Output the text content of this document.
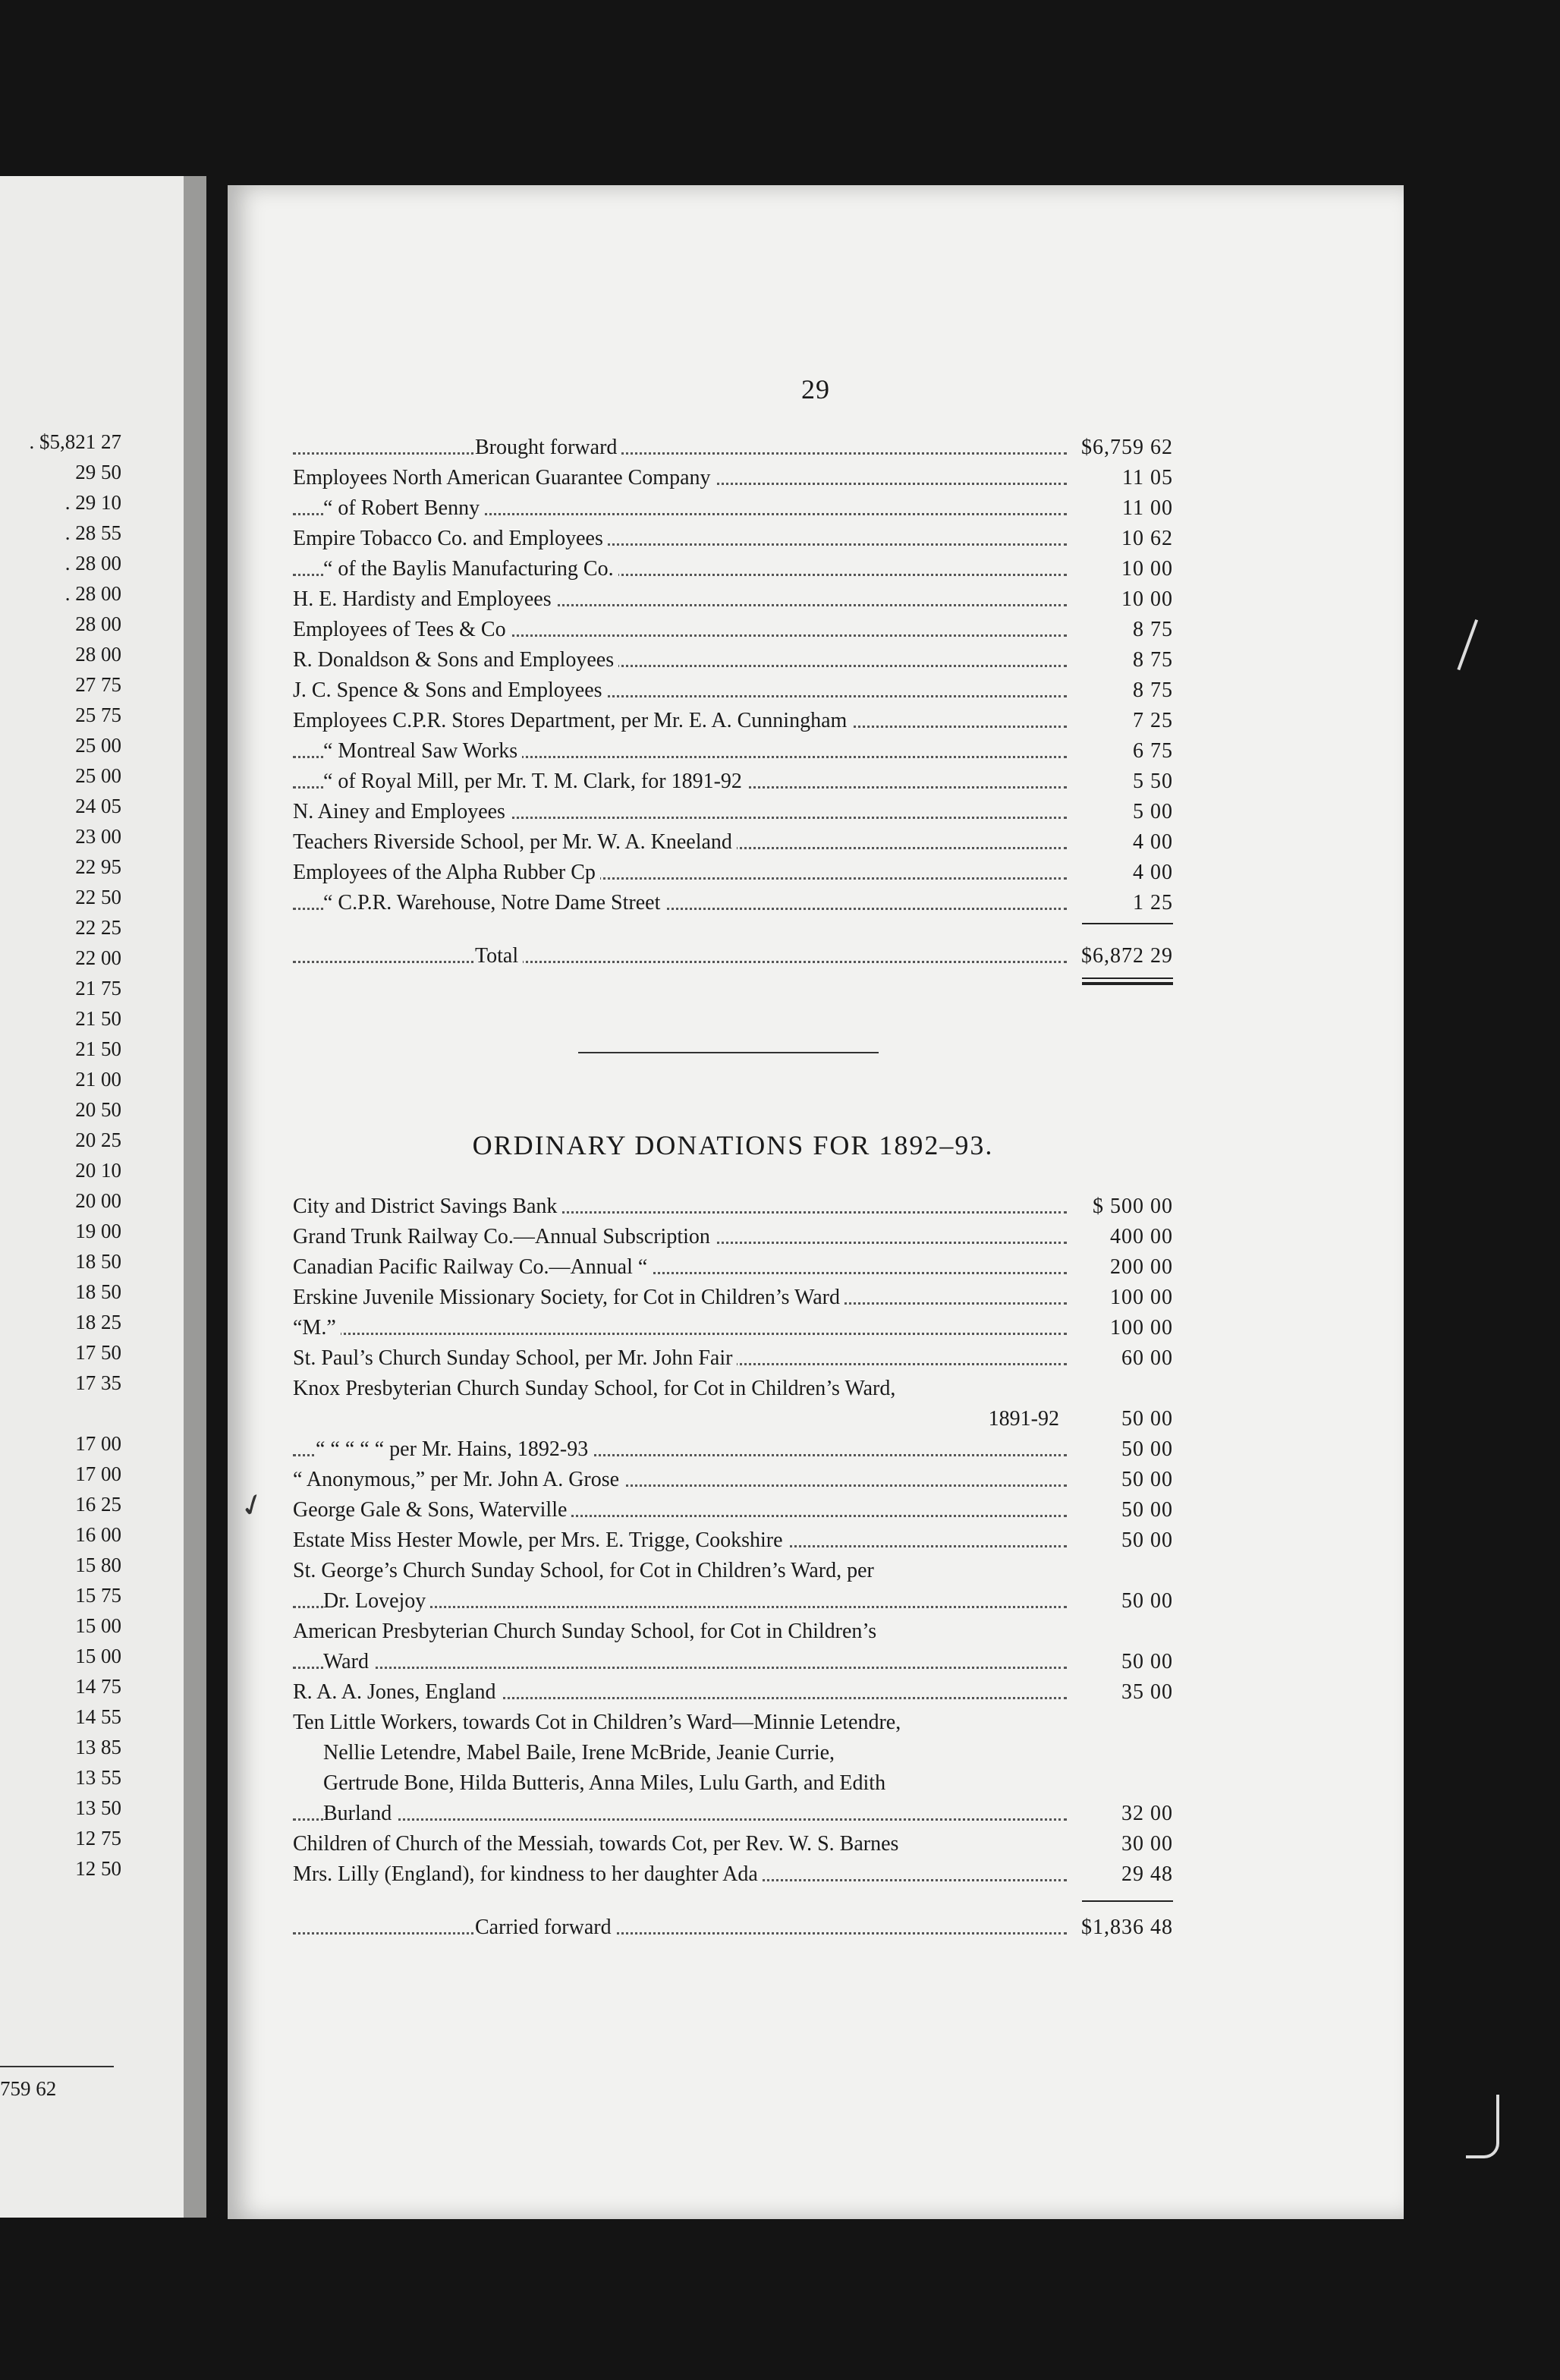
. $5,821 27
29 50
. 29 10
. 28 55
. 28 00
. 28 00
28 00
28 00
27 75
25 75
25 00
25 00
24 05
23 00
22 95
22 50
22 25
22 00
21 75
21 50
21 50
21 00
20 50
20 25
20 10
20 00
19 00
18 50
18 50
18 25
17 50
17 35
17 00
17 00
16 25
16 00
15 80
15 75
15 00
15 00
14 75
14 55
13 85
13 55
13 50
12 75
12 50
759 62
29
Brought forward	$6,759 62
Employees North American Guarantee Company	11 05
“ of Robert Benny	11 00
Empire Tobacco Co. and Employees	10 62
“ of the Baylis Manufacturing Co.	10 00
H. E. Hardisty and Employees	10 00
Employees of Tees & Co	8 75
R. Donaldson & Sons and Employees	8 75
J. C. Spence & Sons and Employees	8 75
Employees C.P.R. Stores Department, per Mr. E. A. Cunningham	7 25
“ Montreal Saw Works	6 75
“ of Royal Mill, per Mr. T. M. Clark, for 1891-92	5 50
N. Ainey and Employees	5 00
Teachers Riverside School, per Mr. W. A. Kneeland	4 00
Employees of the Alpha Rubber Cp	4 00
“ C.P.R. Warehouse, Notre Dame Street	1 25
Total	$6,872 29
ORDINARY DONATIONS FOR 1892–93.
City and District Savings Bank	$ 500 00
Grand Trunk Railway Co.—Annual Subscription	400 00
Canadian Pacific Railway Co.—Annual “	200 00
Erskine Juvenile Missionary Society, for Cot in Children’s Ward	100 00
“M.”	100 00
St. Paul’s Church Sunday School, per Mr. John Fair	60 00
Knox Presbyterian Church Sunday School, for Cot in Children’s Ward,
1891-92	50 00
“ “ “ “ “ per Mr. Hains, 1892-93	50 00
“ Anonymous,” per Mr. John A. Grose	50 00
George Gale & Sons, Waterville	50 00
Estate Miss Hester Mowle, per Mrs. E. Trigge, Cookshire	50 00
St. George’s Church Sunday School, for Cot in Children’s Ward, per
Dr. Lovejoy	50 00
American Presbyterian Church Sunday School, for Cot in Children’s
Ward	50 00
R. A. A. Jones, England	35 00
Ten Little Workers, towards Cot in Children’s Ward—Minnie Letendre,
Nellie Letendre, Mabel Baile, Irene McBride, Jeanie Currie,
Gertrude Bone, Hilda Butteris, Anna Miles, Lulu Garth, and Edith
Burland	32 00
Children of Church of the Messiah, towards Cot, per Rev. W. S. Barnes	30 00
Mrs. Lilly (England), for kindness to her daughter Ada	29 48
Carried forward	$1,836 48
✓
